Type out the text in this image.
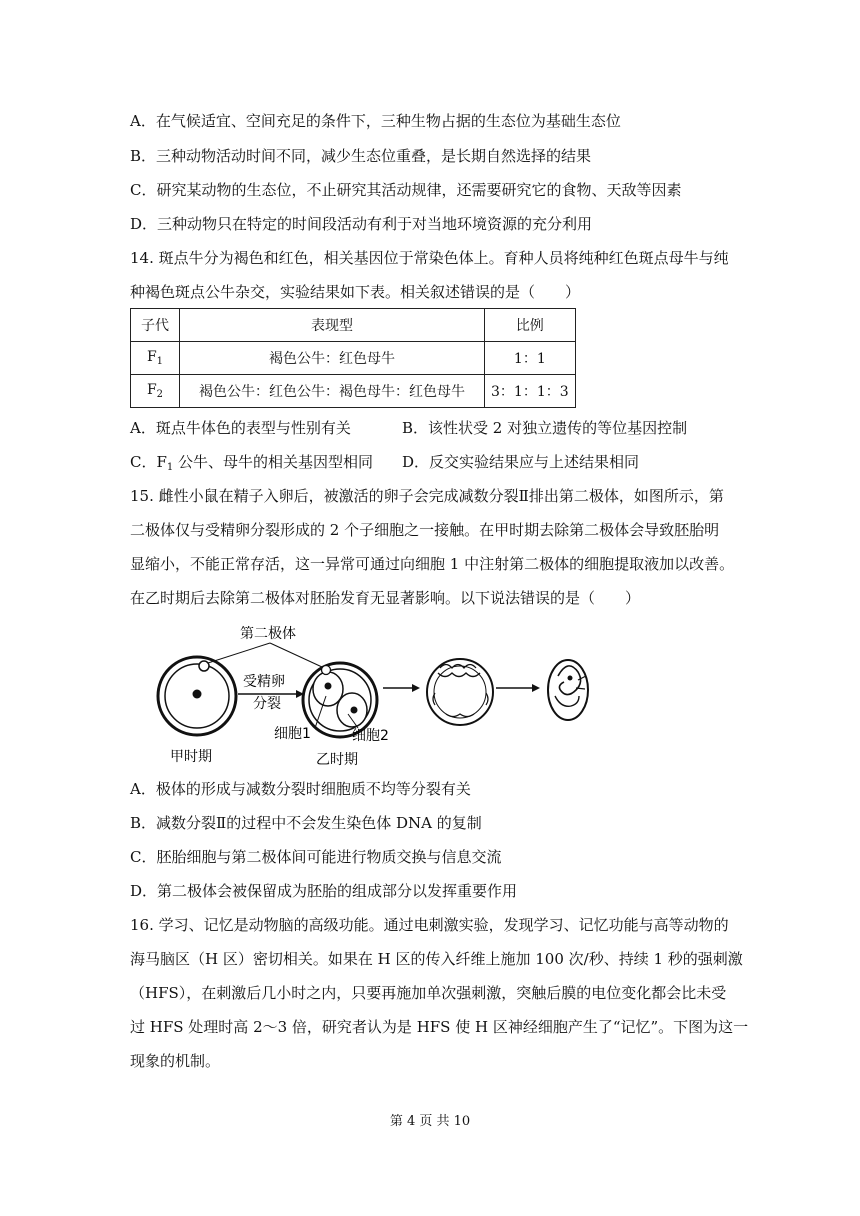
A．在气候适宜、空间充足的条件下，三种生物占据的生态位为基础生态位
B．三种动物活动时间不同，减少生态位重叠，是长期自然选择的结果
C．研究某动物的生态位，不止研究其活动规律，还需要研究它的食物、天敌等因素
D．三种动物只在特定的时间段活动有利于对当地环境资源的充分利用
14. 斑点牛分为褐色和红色，相关基因位于常染色体上。育种人员将纯种红色斑点母牛与纯
种褐色斑点公牛杂交，实验结果如下表。相关叙述错误的是（　　）
子代	表现型	比例
$F_1$	褐色公牛：红色母牛	1：1
$F_2$	褐色公牛：红色公牛：褐色母牛：红色母牛	3：1：1：3
A．斑点牛体色的表型与性别有关	B．该性状受 2 对独立遗传的等位基因控制
C．$F_1$ 公牛、母牛的相关基因型相同 D．反交实验结果应与上述结果相同
15. 雌性小鼠在精子入卵后，被激活的卵子会完成减数分裂Ⅱ排出第二极体，如图所示，第
二极体仅与受精卵分裂形成的 2 个子细胞之一接触。在甲时期去除第二极体会导致胚胎明
显缩小，不能正常存活，这一异常可通过向细胞 1 中注射第二极体的细胞提取液加以改善。
在乙时期后去除第二极体对胚胎发育无显著影响。以下说法错误的是（　　）
第二极体
受精卵
分裂
细胞1	细胞2
甲时期	乙时期
A．极体的形成与减数分裂时细胞质不均等分裂有关
B．减数分裂Ⅱ的过程中不会发生染色体 DNA 的复制
C．胚胎细胞与第二极体间可能进行物质交换与信息交流
D．第二极体会被保留成为胚胎的组成部分以发挥重要作用
16. 学习、记忆是动物脑的高级功能。通过电刺激实验，发现学习、记忆功能与高等动物的
海马脑区（H 区）密切相关。如果在 H 区的传入纤维上施加 100 次/秒、持续 1 秒的强刺激
（HFS），在刺激后几小时之内，只要再施加单次强刺激，突触后膜的电位变化都会比未受
过 HFS 处理时高 2～3 倍，研究者认为是 HFS 使 H 区神经细胞产生了“记忆”。下图为这一
现象的机制。
第 4 页 共 10
